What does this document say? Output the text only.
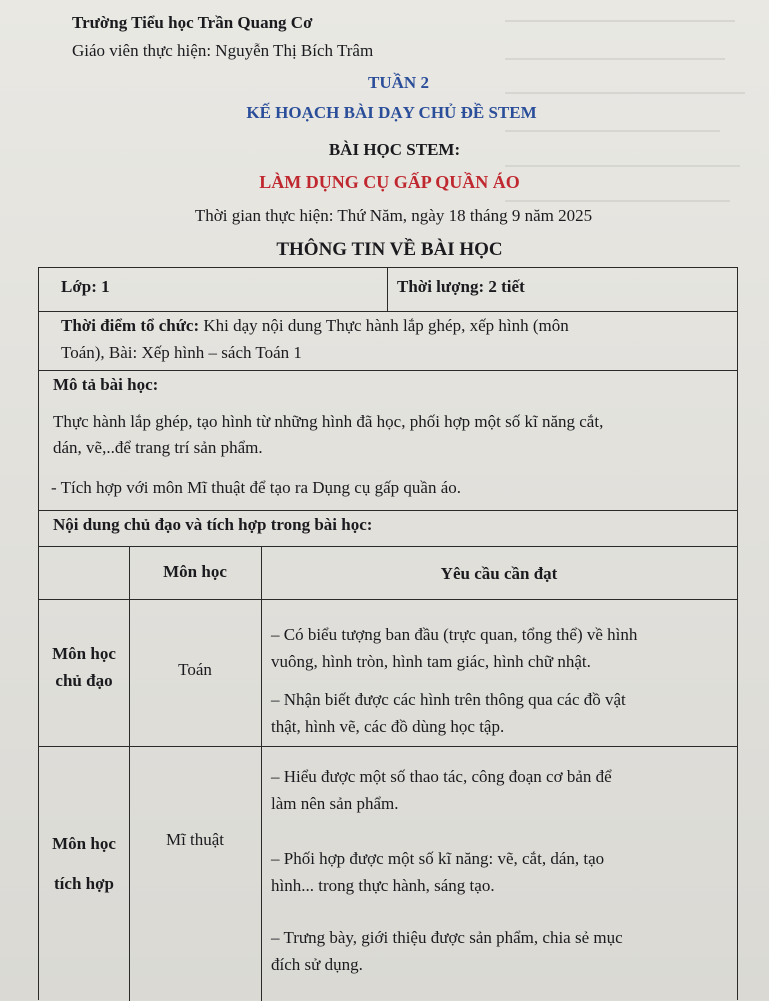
Trường Tiểu học Trần Quang Cơ
Giáo viên thực hiện: Nguyễn Thị Bích Trâm
TUẦN 2
KẾ HOẠCH BÀI DẠY CHỦ ĐỀ STEM
BÀI HỌC STEM:
LÀM DỤNG CỤ GẤP QUẦN ÁO
Thời gian thực hiện: Thứ Năm, ngày 18 tháng 9 năm 2025
THÔNG TIN VỀ BÀI HỌC
Lớp: 1	Thời lượng: 2 tiết
Thời điểm tổ chức: Khi dạy nội dung Thực hành lắp ghép, xếp hình (môn
Toán), Bài: Xếp hình – sách Toán 1
Mô tả bài học:
Thực hành lắp ghép, tạo hình từ những hình đã học, phối hợp một số kĩ năng cắt,
dán, vẽ,..để trang trí sản phẩm.
- Tích hợp với môn Mĩ thuật để tạo ra Dụng cụ gấp quần áo.
Nội dung chủ đạo và tích hợp trong bài học:
Môn học	Yêu cầu cần đạt
Môn học
chủ đạo
Toán
– Có biểu tượng ban đầu (trực quan, tổng thể) về hình
vuông, hình tròn, hình tam giác, hình chữ nhật.
– Nhận biết được các hình trên thông qua các đồ vật
thật, hình vẽ, các đồ dùng học tập.
Môn học
tích hợp
Mĩ thuật
– Hiểu được một số thao tác, công đoạn cơ bản để
làm nên sản phẩm.
– Phối hợp được một số kĩ năng: vẽ, cắt, dán, tạo
hình... trong thực hành, sáng tạo.
– Trưng bày, giới thiệu được sản phẩm, chia sẻ mục
đích sử dụng.
